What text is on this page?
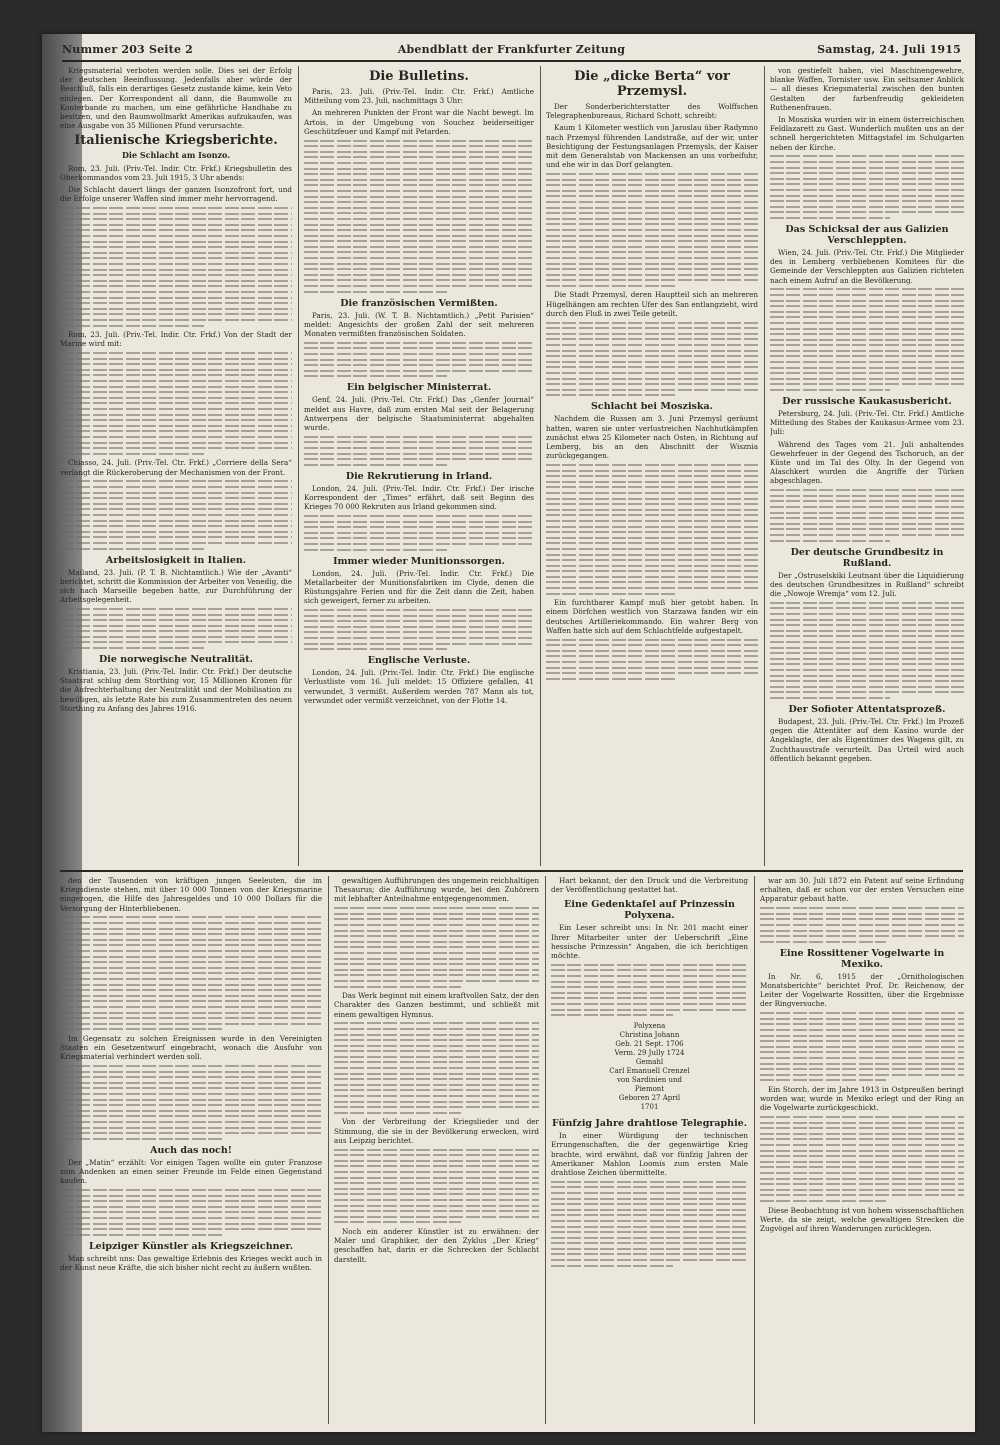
Nummer 203 Seite 2	Abendblatt der Frankfurter Zeitung	Samstag, 24. Juli 1915

Kriegsmaterial verboten werden solle. Dies sei der Erfolg der deutschen Beeinflussung. Jedenfalls aber würde der Beschluß, falls ein derartiges Gesetz zustande käme, kein Veto einlegen. Der Korrespondent all dann, die Baumwolle zu Konterbande zu machen, um eine gefährliche Handhabe zu besitzen, und den Baumwollmarkt Amerikas aufzukaufen, was eine Ausgabe von 35 Millionen Pfund verursachte.

Italienische Kriegsberichte.
Die Schlacht am Isonzo.

Rom, 23. Juli. (Priv.-Tel. Indir. Ctr. Frkf.) Kriegsbulletin des Oberkommandos vom 23. Juli 1915, 3 Uhr abends:

Die Schlacht dauert längs der ganzen Isonzofront fort, und die Erfolge unserer Waffen sind immer mehr hervorragend.

Rom, 23. Juli. (Priv.-Tel. Indir. Ctr. Frkf.) Von der Stadt der Marine wird mit:

Chiasso, 24. Juli. (Priv.-Tel. Ctr. Frkf.) „Corriere della Sera“ verlangt die Rückeroberung der Mechanismen von der Front.

Arbeitslosigkeit in Italien.

Mailand, 23. Juli. (P. T. B. Nichtamtlich.) Wie der „Avanti“ berichtet, schritt die Kommission der Arbeiter von Venedig, die sich nach Marseille begeben hatte, zur Durchführung der Arbeitsgelegenheit.

Die norwegische Neutralität.

Kristiania, 23. Juli. (Priv.-Tel. Indir. Ctr. Frkf.) Der deutsche Staatsrat schlug dem Storthing vor, 15 Millionen Kronen für die Aufrechterhaltung der Neutralität und der Mobilisation zu bewilligen, als letzte Rate bis zum Zusammentreten des neuen Storthing zu Anfang des Jahres 1916.

Die Bulletins.

Paris, 23. Juli. (Priv.-Tel. Indir. Ctr. Frkf.) Amtliche Mitteilung vom 23. Juli, nachmittags 3 Uhr:

An mehreren Punkten der Front war die Nacht bewegt. Im Artois, in der Umgebung von Souchez beiderseitiger Geschützfeuer und Kampf mit Petarden.

Die französischen Vermißten.

Paris, 23. Juli. (W. T. B. Nichtamtlich.) „Petit Parisien“ meldet: Angesichts der großen Zahl der seit mehreren Monaten vermißten französischen Soldaten.

Ein belgischer Ministerrat.

Genf, 24. Juli. (Priv.-Tel. Ctr. Frkf.) Das „Genfer Journal“ meldet aus Havre, daß zum ersten Mal seit der Belagerung Antwerpens der belgische Staatsministerrat abgehalten wurde.

Die Rekrutierung in Irland.

London, 24. Juli. (Priv.-Tel. Indir. Ctr. Frkf.) Der irische Korrespondent der „Times“ erfährt, daß seit Beginn des Krieges 70 000 Rekruten aus Irland gekommen sind.

Immer wieder Munitionssorgen.

London, 24. Juli. (Priv.-Tel. Indir. Ctr. Frkf.) Die Metallarbeiter der Munitionsfabriken im Clyde, denen die Rüstungsjahre Ferien und für die Zeit dann die Zeit, haben sich geweigert, ferner zu arbeiten.

Englische Verluste.

London, 24. Juli. (Priv.-Tel. Indir. Ctr. Frkf.) Die englische Verlustliste vom 16. Juli meldet: 15 Offiziere gefallen, 41 verwundet, 3 vermißt. Außerdem werden 787 Mann als tot, verwundet oder vermißt verzeichnet, von der Flotte 14.

Die „dicke Berta“ vor Przemysl.

Der Sonderberichterstatter des Wolffschen Telegraphenbureaus, Richard Schott, schreibt:

Kaum 1 Kilometer westlich von Jaroslau über Radymno nach Przemysl führenden Landstraße, auf der wir, unter Besichtigung der Festungsanlagen Przemysls, der Kaiser mit dem Generalstab von Mackensen an uns vorbeifuhr, und ehe wir in das Dorf gelangten.

Die Stadt Przemysl, deren Hauptteil sich an mehreren Hügelhängen am rechten Ufer des San entlangzieht, wird durch den Fluß in zwei Teile geteilt.

Schlacht bei Mosziska.

Nachdem die Russen am 3. Juni Przemysl geräumt hatten, waren sie unter verlustreichen Nachhutkämpfen zunächst etwa 25 Kilometer nach Osten, in Richtung auf Lemberg, bis an den Abschnitt der Wisznia zurückgegangen.

Ein furchtbarer Kampf muß hier getobt haben. In einem Dörfchen westlich von Starzawa fanden wir ein deutsches Artilleriekommando. Ein wahrer Berg von Waffen hatte sich auf dem Schlachtfelde aufgestapelt.

von gestiefelt haben, viel Maschinengewehre, blanke Waffen, Tornister usw. Ein seltsamer Anblick — all dieses Kriegsmaterial zwischen den bunten Gestalten der farbenfreudig gekleideten Ruthenenfrauen.

In Mosziska wurden wir in einem österreichischen Feldlazarett zu Gast. Wunderlich mußten uns an der schnell hergerichteten Mittagstafel im Schulgarten neben der Kirche.

Das Schicksal der aus Galizien Verschleppten.

Wien, 24. Juli. (Priv.-Tel. Ctr. Frkf.) Die Mitglieder des in Lemberg verbliebenen Komitees für die Gemeinde der Verschleppten aus Galizien richteten nach einem Aufruf an die Bevölkerung.

Der russische Kaukasusbericht.

Petersburg, 24. Juli. (Priv.-Tel. Ctr. Frkf.) Amtliche Mitteilung des Stabes der Kaukasus-Armee vom 23. Juli:

Während des Tages vom 21. Juli anhaltendes Gewehrfeuer in der Gegend des Tschoruch, an der Küste und im Tal des Olty. In der Gegend von Alaschkert wurden die Angriffe der Türken abgeschlagen.

Der deutsche Grundbesitz in Rußland.

Der „Ostruselskiki Leutnant über die Liquidierung des deutschen Grundbesitzes in Rußland“ schreibt die „Nowoje Wremja“ vom 12. Juli.

Der Sofioter Attentatsprozeß.

Budapest, 23. Juli. (Priv.-Tel. Ctr. Frkf.) Im Prozeß gegen die Attentäter auf dem Kasino wurde der Angeklagte, der als Eigentümer des Wagens gilt, zu Zuchthausstrafe verurteilt. Das Urteil wird auch öffentlich bekannt gegeben.

den der Tausenden von kräftigen jungen Seeleuten, die im Kriegsdienste stehen, mit über 10 000 Tonnen von der Kriegsmarine eingezogen, die Hilfe des Jahresgeldes und 10 000 Dollars für die Versorgung der Hinterbliebenen.

Im Gegensatz zu solchen Ereignissen wurde in den Vereinigten Staaten ein Gesetzentwurf eingebracht, wonach die Ausfuhr von Kriegsmaterial verhindert werden soll.

Auch das noch!

Der „Matin“ erzählt: Vor einigen Tagen wollte ein guter Franzose zum Andenken an einen seiner Freunde im Felde einen Gegenstand kaufen.

Leipziger Künstler als Kriegszeichner.

Man schreibt uns: Das gewaltige Erlebnis des Krieges weckt auch in der Kunst neue Kräfte, die sich bisher nicht recht zu äußern wußten.

gewaltigen Aufführungen des ungemein reichhaltigen Thesaurus; die Aufführung wurde, bei den Zuhörern mit lebhafter Anteilnahme entgegengenommen.

Das Werk beginnt mit einem kraftvollen Satz, der den Charakter des Ganzen bestimmt, und schließt mit einem gewaltigen Hymnus.

Von der Verbreitung der Kriegslieder und der Stimmung, die sie in der Bevölkerung erwecken, wird aus Leipzig berichtet.

Noch ein anderer Künstler ist zu erwähnen: der Maler und Graphiker, der den Zyklus „Der Krieg“ geschaffen hat, darin er die Schrecken der Schlacht darstellt.

Hart bekannt, der den Druck und die Verbreitung der Veröffentlichung gestattet hat.

Eine Gedenktafel auf Prinzessin Polyxena.

Ein Leser schreibt uns: In Nr. 201 macht einer Ihrer Mitarbeiter unter der Ueberschrift „Eine hessische Prinzessin“ Angaben, die ich berichtigen möchte.

Polyxena
Christina Johann
Geb. 21 Sept. 1706
Verm. 29 Jully 1724
Gemahl
Carl Emanuell Crenzel
von Sardinien und
Piemont
Geboren 27 April
1701
Fünfzig Jahre drahtlose Telegraphie.

In einer Würdigung der technischen Errungenschaften, die der gegenwärtige Krieg brachte, wird erwähnt, daß vor fünfzig Jahren der Amerikaner Mahlon Loomis zum ersten Male drahtlose Zeichen übermittelte.

war am 30. Juli 1872 ein Patent auf seine Erfindung erhalten, daß er schon vor der ersten Versuchen eine Apparatur gebaut hatte.

Eine Rossittener Vogelwarte in Mexiko.

In Nr. 6, 1915 der „Ornithologischen Monatsberichte“ berichtet Prof. Dr. Reichenow, der Leiter der Vogelwarte Rossitten, über die Ergebnisse der Ringversuche.

Ein Storch, der im Jahre 1913 in Ostpreußen beringt worden war, wurde in Mexiko erlegt und der Ring an die Vogelwarte zurückgeschickt.

Diese Beobachtung ist von hohem wissenschaftlichen Werte, da sie zeigt, welche gewaltigen Strecken die Zugvögel auf ihren Wanderungen zurücklegen.
